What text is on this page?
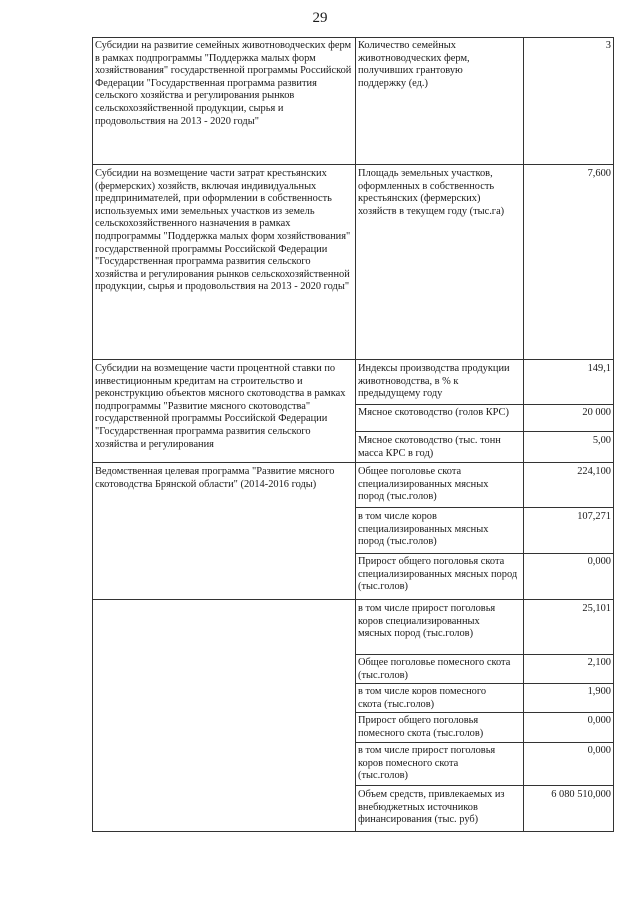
29
Субсидии на развитие семейных животноводческих ферм в рамках подпрограммы "Поддержка малых форм хозяйствования" государственной программы Российской Федерации "Государственная программа развития сельского хозяйства и регулирования рынков сельскохозяйственной продукции, сырья и продовольствия на 2013 - 2020 годы"
Количество семейных животноводческих ферм, получивших грантовую поддержку (ед.)
3
Субсидии на возмещение части затрат крестьянских (фермерских) хозяйств, включая индивидуальных предпринимателей, при оформлении в собственность используемых ими земельных участков из земель сельскохозяйственного назначения в рамках подпрограммы "Поддержка малых форм хозяйствования" государственной программы Российской Федерации "Государственная программа развития сельского хозяйства и регулирования рынков сельскохозяйственной продукции, сырья и продовольствия на 2013 - 2020 годы"
Площадь земельных участков, оформленных в собственность крестьянских (фермерских) хозяйств в текущем году (тыс.га)
7,600
Субсидии на возмещение части процентной ставки по инвестиционным кредитам на строительство и реконструкцию объектов мясного скотоводства в рамках подпрограммы "Развитие мясного скотоводства" государственной программы Российской Федерации "Государственная программа развития сельского хозяйства и регулирования
Индексы производства продукции животноводства, в % к предыдущему году
149,1
Мясное скотоводство (голов КРС)	20 000
Мясное скотоводство (тыс. тонн масса КРС в год)
5,00
Ведомственная целевая программа "Развитие мясного скотоводства Брянской области" (2014-2016 годы)
Общее поголовье скота специализированных мясных пород (тыс.голов)
224,100
в том числе коров специализированных мясных пород (тыс.голов)
107,271
Прирост общего поголовья скота специализированных мясных пород (тыс.голов)
0,000
в том числе прирост поголовья коров специализированных мясных пород (тыс.голов)
25,101
Общее поголовье помесного скота (тыс.голов)
2,100
в том числе коров помесного скота (тыс.голов)
1,900
Прирост общего поголовья помесного скота (тыс.голов)
0,000
в том числе прирост поголовья коров помесного скота (тыс.голов)
0,000
Объем средств, привлекаемых из внебюджетных источников финансирования (тыс. руб)
6 080 510,000
